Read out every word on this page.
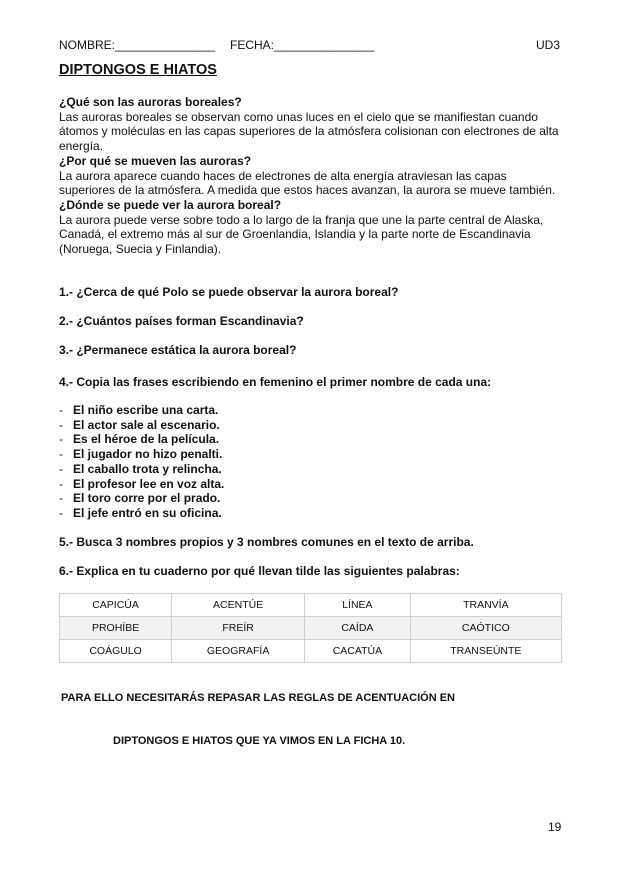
NOMBRE:_______________ FECHA:_______________	UD3
DIPTONGOS E HIATOS

¿Qué son las auroras boreales?

Las auroras boreales se observan como unas luces en el cielo que se manifiestan cuando átomos y moléculas en las capas superiores de la atmósfera colisionan con electrones de alta energía.

¿Por qué se mueven las auroras?

La aurora aparece cuando haces de electrones de alta energía atraviesan las capas superiores de la atmósfera. A medida que estos haces avanzan, la aurora se mueve también.

¿Dónde se puede ver la aurora boreal?

La aurora puede verse sobre todo a lo largo de la franja que une la parte central de Alaska, Canadá, el extremo más al sur de Groenlandia, Islandia y la parte norte de Escandinavia (Noruega, Suecia y Finlandia).

1.- ¿Cerca de qué Polo se puede observar la aurora boreal?
2.- ¿Cuántos países forman Escandinavia?
3.- ¿Permanece estática la aurora boreal?
4.- Copia las frases escribiendo en femenino el primer nombre de cada una:
- El niño escribe una carta.
- El actor sale al escenario.
- Es el héroe de la película.
- El jugador no hizo penalti.
- El caballo trota y relincha.
- El profesor lee en voz alta.
- El toro corre por el prado.
- El jefe entró en su oficina.
5.- Busca 3 nombres propios y 3 nombres comunes en el texto de arriba.
6.- Explica en tu cuaderno por qué llevan tilde las siguientes palabras:
CAPICÚA	ACENTÚE	LÍNEA	TRANVÍA
PROHÍBE	FREÍR	CAÍDA	CAÓTICO
COÁGULO	GEOGRAFÍA	CACATÚA	TRANSEÚNTE
PARA ELLO NECESITARÁS REPASAR LAS REGLAS DE ACENTUACIÓN EN
DIPTONGOS E HIATOS QUE YA VIMOS EN LA FICHA 10.
19
